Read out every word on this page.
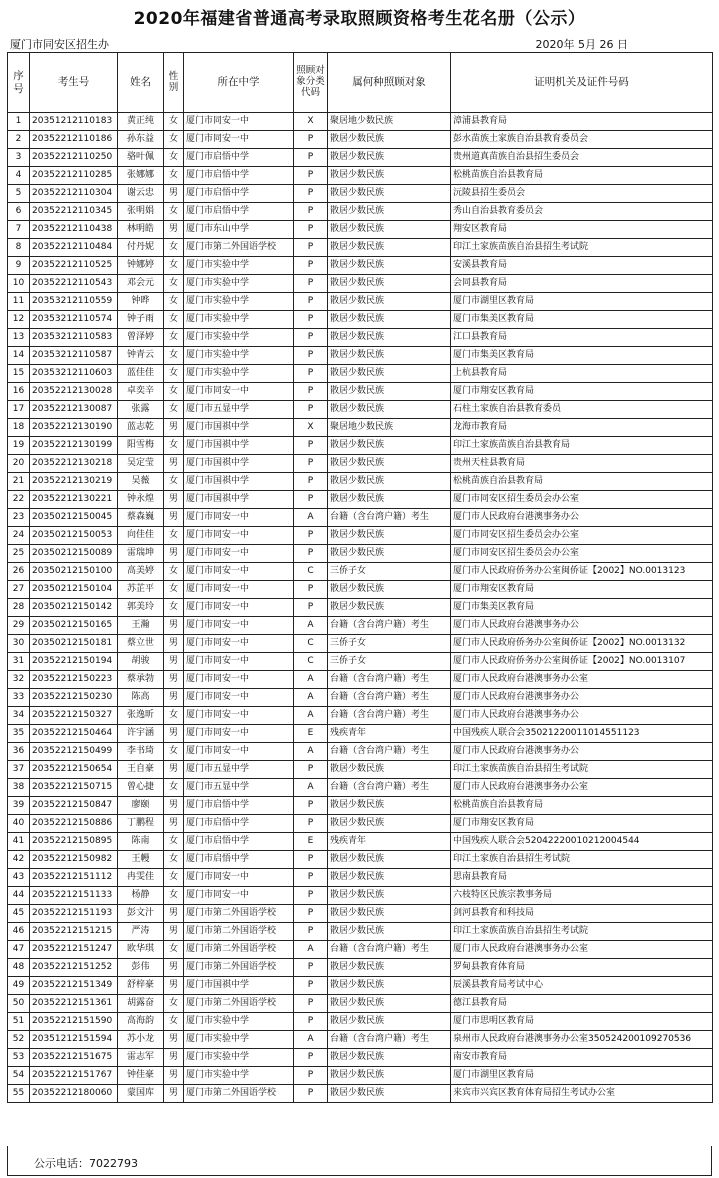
2020年福建省普通高考录取照顾资格考生花名册（公示）
厦门市同安区招生办	2020年 5月 26 日
序号	考生号	姓名	性别	所在中学	照顾对象分类代码	属何种照顾对象	证明机关及证件号码
1	20351212110183	黄正纯	女	厦门市同安一中	X	聚居地少数民族	漳浦县教育局
2	20352212110186	孙东益	女	厦门市同安一中	P	散居少数民族	彭水苗族土家族自治县教育委员会
3	20352212110250	骆叶佩	女	厦门市启悟中学	P	散居少数民族	贵州道真苗族自治县招生委员会
4	20352212110285	张娜娜	女	厦门市启悟中学	P	散居少数民族	松桃苗族自治县教育局
5	20352212110304	谢云忠	男	厦门市启悟中学	P	散居少数民族	沅陵县招生委员会
6	20352212110345	张明娟	女	厦门市启悟中学	P	散居少数民族	秀山自治县教育委员会
7	20352212110438	林明皓	男	厦门市东山中学	P	散居少数民族	翔安区教育局
8	20352212110484	付丹妮	女	厦门市第二外国语学校	P	散居少数民族	印江土家族苗族自治县招生考试院
9	20352212110525	钟娜婷	女	厦门市实验中学	P	散居少数民族	安溪县教育局
10	20352212110543	邓会元	女	厦门市实验中学	P	散居少数民族	会同县教育局
11	20353212110559	钟晔	女	厦门市实验中学	P	散居少数民族	厦门市湖里区教育局
12	20353212110574	钟子雨	女	厦门市实验中学	P	散居少数民族	厦门市集美区教育局
13	20353212110583	曾泽婷	女	厦门市实验中学	P	散居少数民族	江口县教育局
14	20353212110587	钟青云	女	厦门市实验中学	P	散居少数民族	厦门市集美区教育局
15	20353212110603	蓝佳佳	女	厦门市实验中学	P	散居少数民族	上杭县教育局
16	20352212130028	卓奕辛	女	厦门市同安一中	P	散居少数民族	厦门市翔安区教育局
17	20352212130087	张露	女	厦门市五显中学	P	散居少数民族	石柱土家族自治县教育委员
18	20352212130190	蓝志乾	男	厦门市国祺中学	X	聚居地少数民族	龙海市教育局
19	20352212130199	阳雪梅	女	厦门市国祺中学	P	散居少数民族	印江土家族苗族自治县教育局
20	20352212130218	吴定莹	男	厦门市国祺中学	P	散居少数民族	贵州天柱县教育局
21	20352212130219	吴薇	女	厦门市国祺中学	P	散居少数民族	松桃苗族自治县教育局
22	20352212130221	钟永煌	男	厦门市国祺中学	P	散居少数民族	厦门市同安区招生委员会办公室
23	20350212150045	蔡森巍	男	厦门市同安一中	A	台籍（含台湾户籍）考生	厦门市人民政府台港澳事务办公
24	20350212150053	向佳佳	女	厦门市同安一中	P	散居少数民族	厦门市同安区招生委员会办公室
25	20350212150089	雷瑞坤	男	厦门市同安一中	P	散居少数民族	厦门市同安区招生委员会办公室
26	20350212150100	高美婷	女	厦门市同安一中	C	三侨子女	厦门市人民政府侨务办公室闽侨证【2002】NO.0013123
27	20350212150104	苏芷平	女	厦门市同安一中	P	散居少数民族	厦门市翔安区教育局
28	20350212150142	郭美玲	女	厦门市同安一中	P	散居少数民族	厦门市集美区教育局
29	20350212150165	王瀚	男	厦门市同安一中	A	台籍（含台湾户籍）考生	厦门市人民政府台港澳事务办公
30	20350212150181	蔡立世	男	厦门市同安一中	C	三侨子女	厦门市人民政府侨务办公室闽侨证【2002】NO.0013132
31	20352212150194	胡骏	男	厦门市同安一中	C	三侨子女	厦门市人民政府侨务办公室闽侨证【2002】NO.0013107
32	20352212150223	蔡承勃	男	厦门市同安一中	A	台籍（含台湾户籍）考生	厦门市人民政府台港澳事务办公室
33	20352212150230	陈高	男	厦门市同安一中	A	台籍（含台湾户籍）考生	厦门市人民政府台港澳事务办公
34	20352212150327	张逸昕	女	厦门市同安一中	A	台籍（含台湾户籍）考生	厦门市人民政府台港澳事务办公
35	20352212150464	许宇涵	男	厦门市同安一中	E	残疾青年	中国残疾人联合会35021220011014551123
36	20352212150499	李书琦	女	厦门市同安一中	A	台籍（含台湾户籍）考生	厦门市人民政府台港澳事务办公
37	20352212150654	王自豪	男	厦门市五显中学	P	散居少数民族	印江土家族苗族自治县招生考试院
38	20352212150715	曾心捷	女	厦门市五显中学	A	台籍（含台湾户籍）考生	厦门市人民政府台港澳事务办公室
39	20352212150847	廖颐	男	厦门市启悟中学	P	散居少数民族	松桃苗族自治县教育局
40	20352212150886	丁鹏程	男	厦门市启悟中学	P	散居少数民族	厦门市翔安区教育局
41	20352212150895	陈南	女	厦门市启悟中学	E	残疾青年	中国残疾人联合会52042220010212004544
42	20352212150982	王幔	女	厦门市启悟中学	P	散居少数民族	印江土家族自治县招生考试院
43	20352212151112	冉雯佳	女	厦门市同安一中	P	散居少数民族	思南县教育局
44	20352212151133	杨静	女	厦门市同安一中	P	散居少数民族	六枝特区民族宗教事务局
45	20352212151193	彭文汁	男	厦门市第二外国语学校	P	散居少数民族	剑河县教育和科技局
46	20352212151215	严涛	男	厦门市第二外国语学校	P	散居少数民族	印江土家族苗族自治县招生考试院
47	20352212151247	欧华琪	女	厦门市第二外国语学校	A	台籍（含台湾户籍）考生	厦门市人民政府台港澳事务办公室
48	20352212151252	彭伟	男	厦门市第二外国语学校	P	散居少数民族	罗甸县教育体育局
49	20352212151349	舒梓豪	男	厦门市国祺中学	P	散居少数民族	辰溪县教育局考试中心
50	20352212151361	胡露奋	女	厦门市第二外国语学校	P	散居少数民族	德江县教育局
51	20352212151590	高海韵	女	厦门市实验中学	P	散居少数民族	厦门市思明区教育局
52	20351212151594	苏小龙	男	厦门市实验中学	A	台籍（含台湾户籍）考生	泉州市人民政府台港澳事务办公室350524200109270536
53	20352212151675	雷志军	男	厦门市实验中学	P	散居少数民族	南安市教育局
54	20352212151767	钟佳豪	男	厦门市实验中学	P	散居少数民族	厦门市湖里区教育局
55	20352212180060	蒙国库	男	厦门市第二外国语学校	P	散居少数民族	来宾市兴宾区教育体育局招生考试办公室
公示电话：7022793
